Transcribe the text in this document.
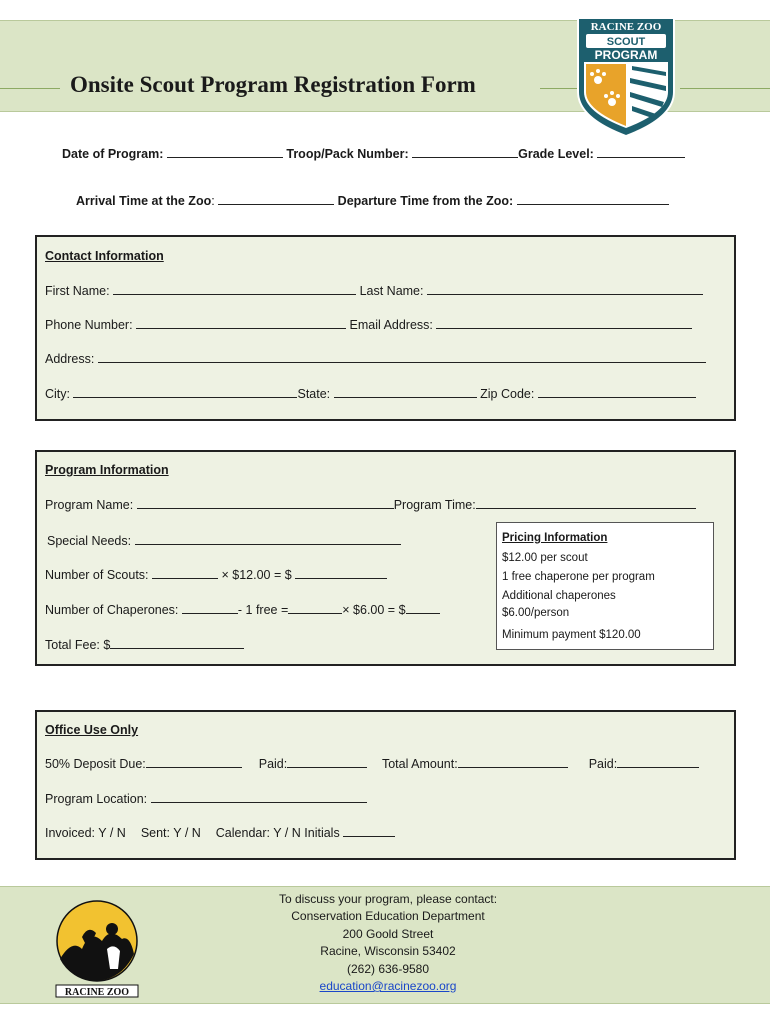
Onsite Scout Program Registration Form
RACINE ZOO
SCOUT
PROGRAM
Date of Program:	Troop/Pack Number:	Grade Level:
Arrival Time at the Zoo:	Departure Time from the Zoo:
Contact Information
First Name:	Last Name:
Phone Number:	Email Address:
Address:
City:	State:	Zip Code:
Program Information
Program Name:	Program Time:
Special Needs:
Number of Scouts:	× $12.00 = $
Number of Chaperones:	- 1 free =	× $6.00 = $
Total Fee: $
Pricing Information
$12.00 per scout
1 free chaperone per program
Additional chaperones
$6.00/person
Minimum payment $120.00
Office Use Only
50% Deposit Due:	Paid:	Total Amount:	Paid:
Program Location:
Invoiced: Y / N Sent: Y / N Calendar: Y / N Initials
RACINE ZOO
To discuss your program, please contact:
Conservation Education Department
200 Goold Street
Racine, Wisconsin 53402
(262) 636-9580
education@racinezoo.org
